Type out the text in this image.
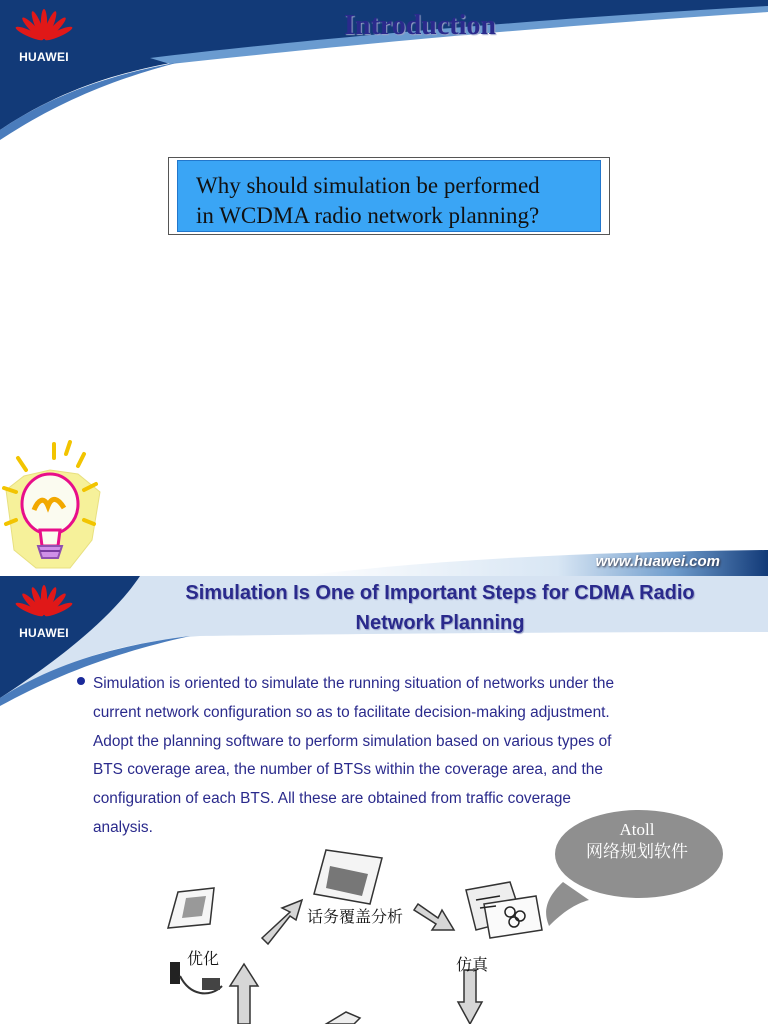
HUAWEI
Introduction
Why should simulation be performed
in WCDMA radio network planning?
www.huawei.com
HUAWEI
Simulation Is One of Important Steps for CDMA Radio
Network Planning
Simulation is oriented to simulate the running situation of networks under the
current network configuration so as to facilitate decision-making adjustment.
Adopt the planning software to perform simulation based on various types of
BTS coverage area, the number of BTSs within the coverage area, and the
configuration of each BTS. All these are obtained from traffic coverage
analysis.	Atoll
网络规划软件
话务覆盖分析
优化	仿真
